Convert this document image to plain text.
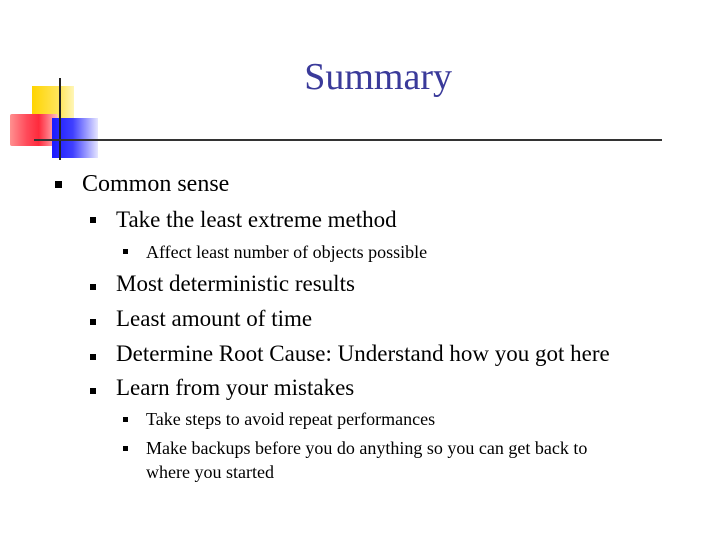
Summary
Common sense
Take the least extreme method
Affect least number of objects possible
Most deterministic results
Least amount of time
Determine Root Cause: Understand how you got here
Learn from your mistakes
Take steps to avoid repeat performances
Make backups before you do anything so you can get back to
where you started
